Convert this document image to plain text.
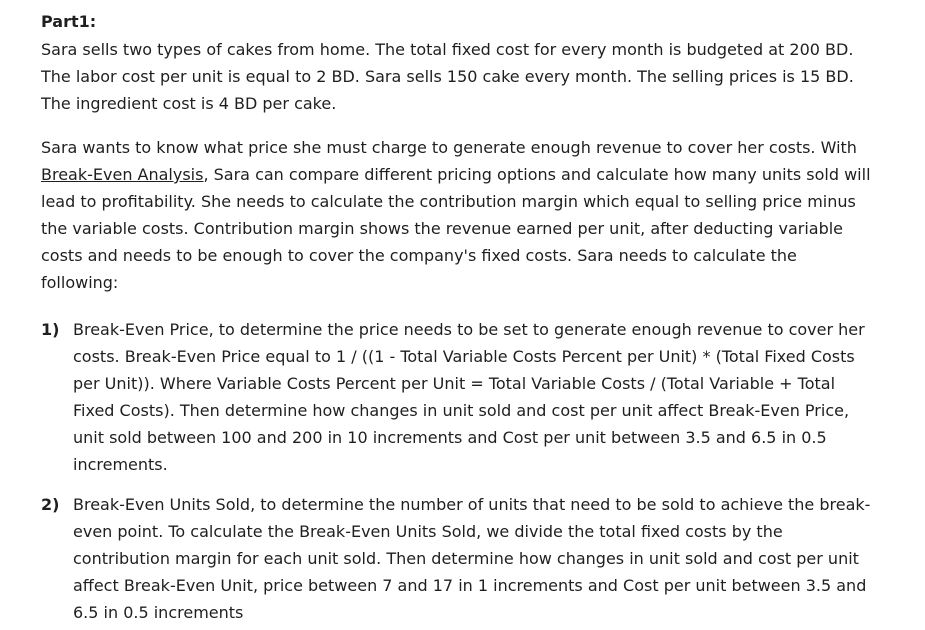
Part1:

Sara sells two types of cakes from home. The total fixed cost for every month is budgeted at 200 BD. The labor cost per unit is equal to 2 BD. Sara sells 150 cake every month. The selling prices is 15 BD. The ingredient cost is 4 BD per cake.

Sara wants to know what price she must charge to generate enough revenue to cover her costs. With Break-Even Analysis, Sara can compare different pricing options and calculate how many units sold will lead to profitability. She needs to calculate the contribution margin which equal to selling price minus the variable costs. Contribution margin shows the revenue earned per unit, after deducting variable costs and needs to be enough to cover the company's fixed costs. Sara needs to calculate the following:

1) Break-Even Price, to determine the price needs to be set to generate enough revenue to cover her costs. Break-Even Price equal to 1 / ((1 - Total Variable Costs Percent per Unit) * (Total Fixed Costs per Unit)). Where Variable Costs Percent per Unit = Total Variable Costs / (Total Variable + Total Fixed Costs). Then determine how changes in unit sold and cost per unit affect Break-Even Price, unit sold between 100 and 200 in 10 increments and Cost per unit between 3.5 and 6.5 in 0.5 increments.
2) Break-Even Units Sold, to determine the number of units that need to be sold to achieve the break-even point. To calculate the Break-Even Units Sold, we divide the total fixed costs by the contribution margin for each unit sold. Then determine how changes in unit sold and cost per unit affect Break-Even Unit, price between 7 and 17 in 1 increments and Cost per unit between 3.5 and 6.5 in 0.5 increments
